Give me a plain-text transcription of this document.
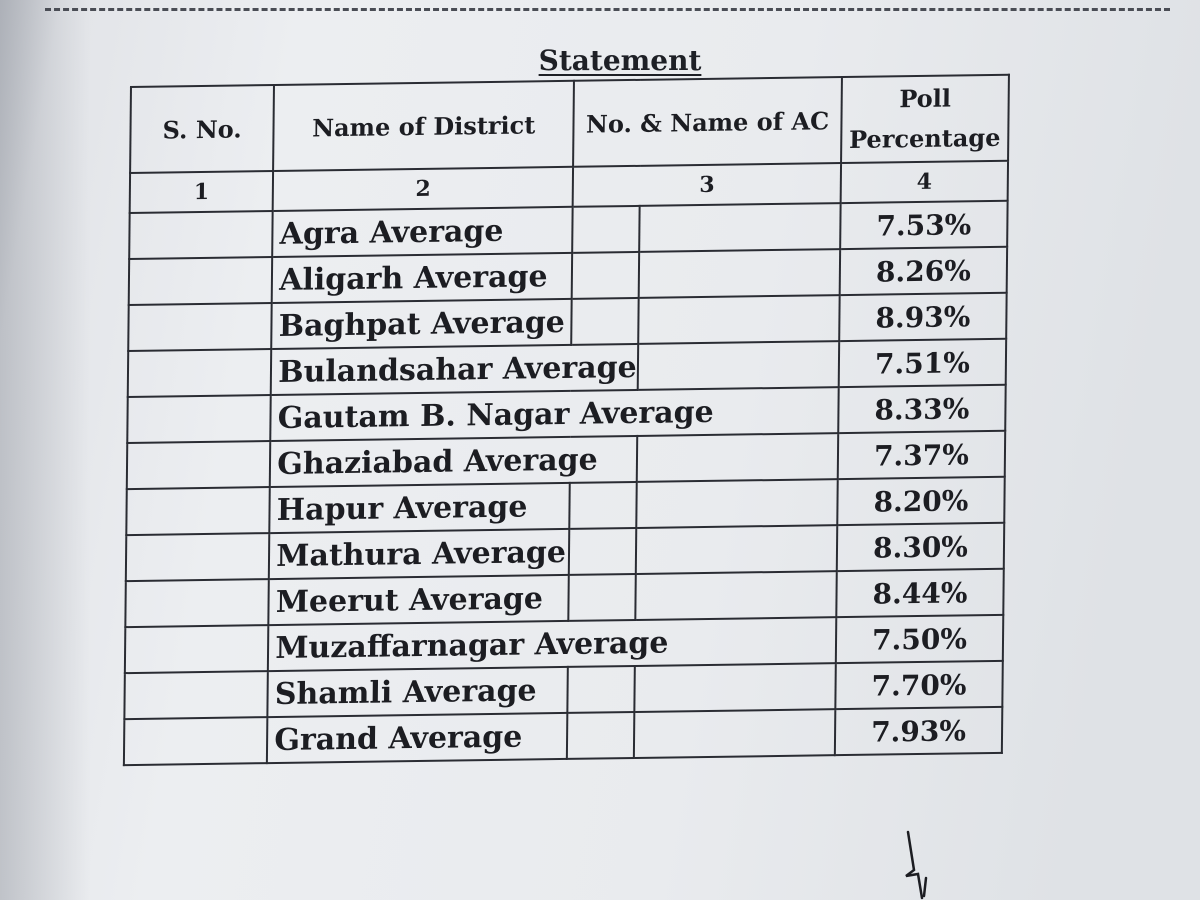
Statement
S. No.	Name of District	No. & Name of AC		Poll
Percentage
1	2	3		4
	Agra Average			7.53%
	Aligarh Average			8.26%
	Baghpat Average			8.93%
	Bulandsahar Average			7.51%
	Gautam B. Nagar Average			8.33%
	Ghaziabad Average			7.37%
	Hapur Average			8.20%
	Mathura Average			8.30%
	Meerut Average			8.44%
	Muzaffarnagar Average			7.50%
	Shamli Average			7.70%
	Grand Average			7.93%
